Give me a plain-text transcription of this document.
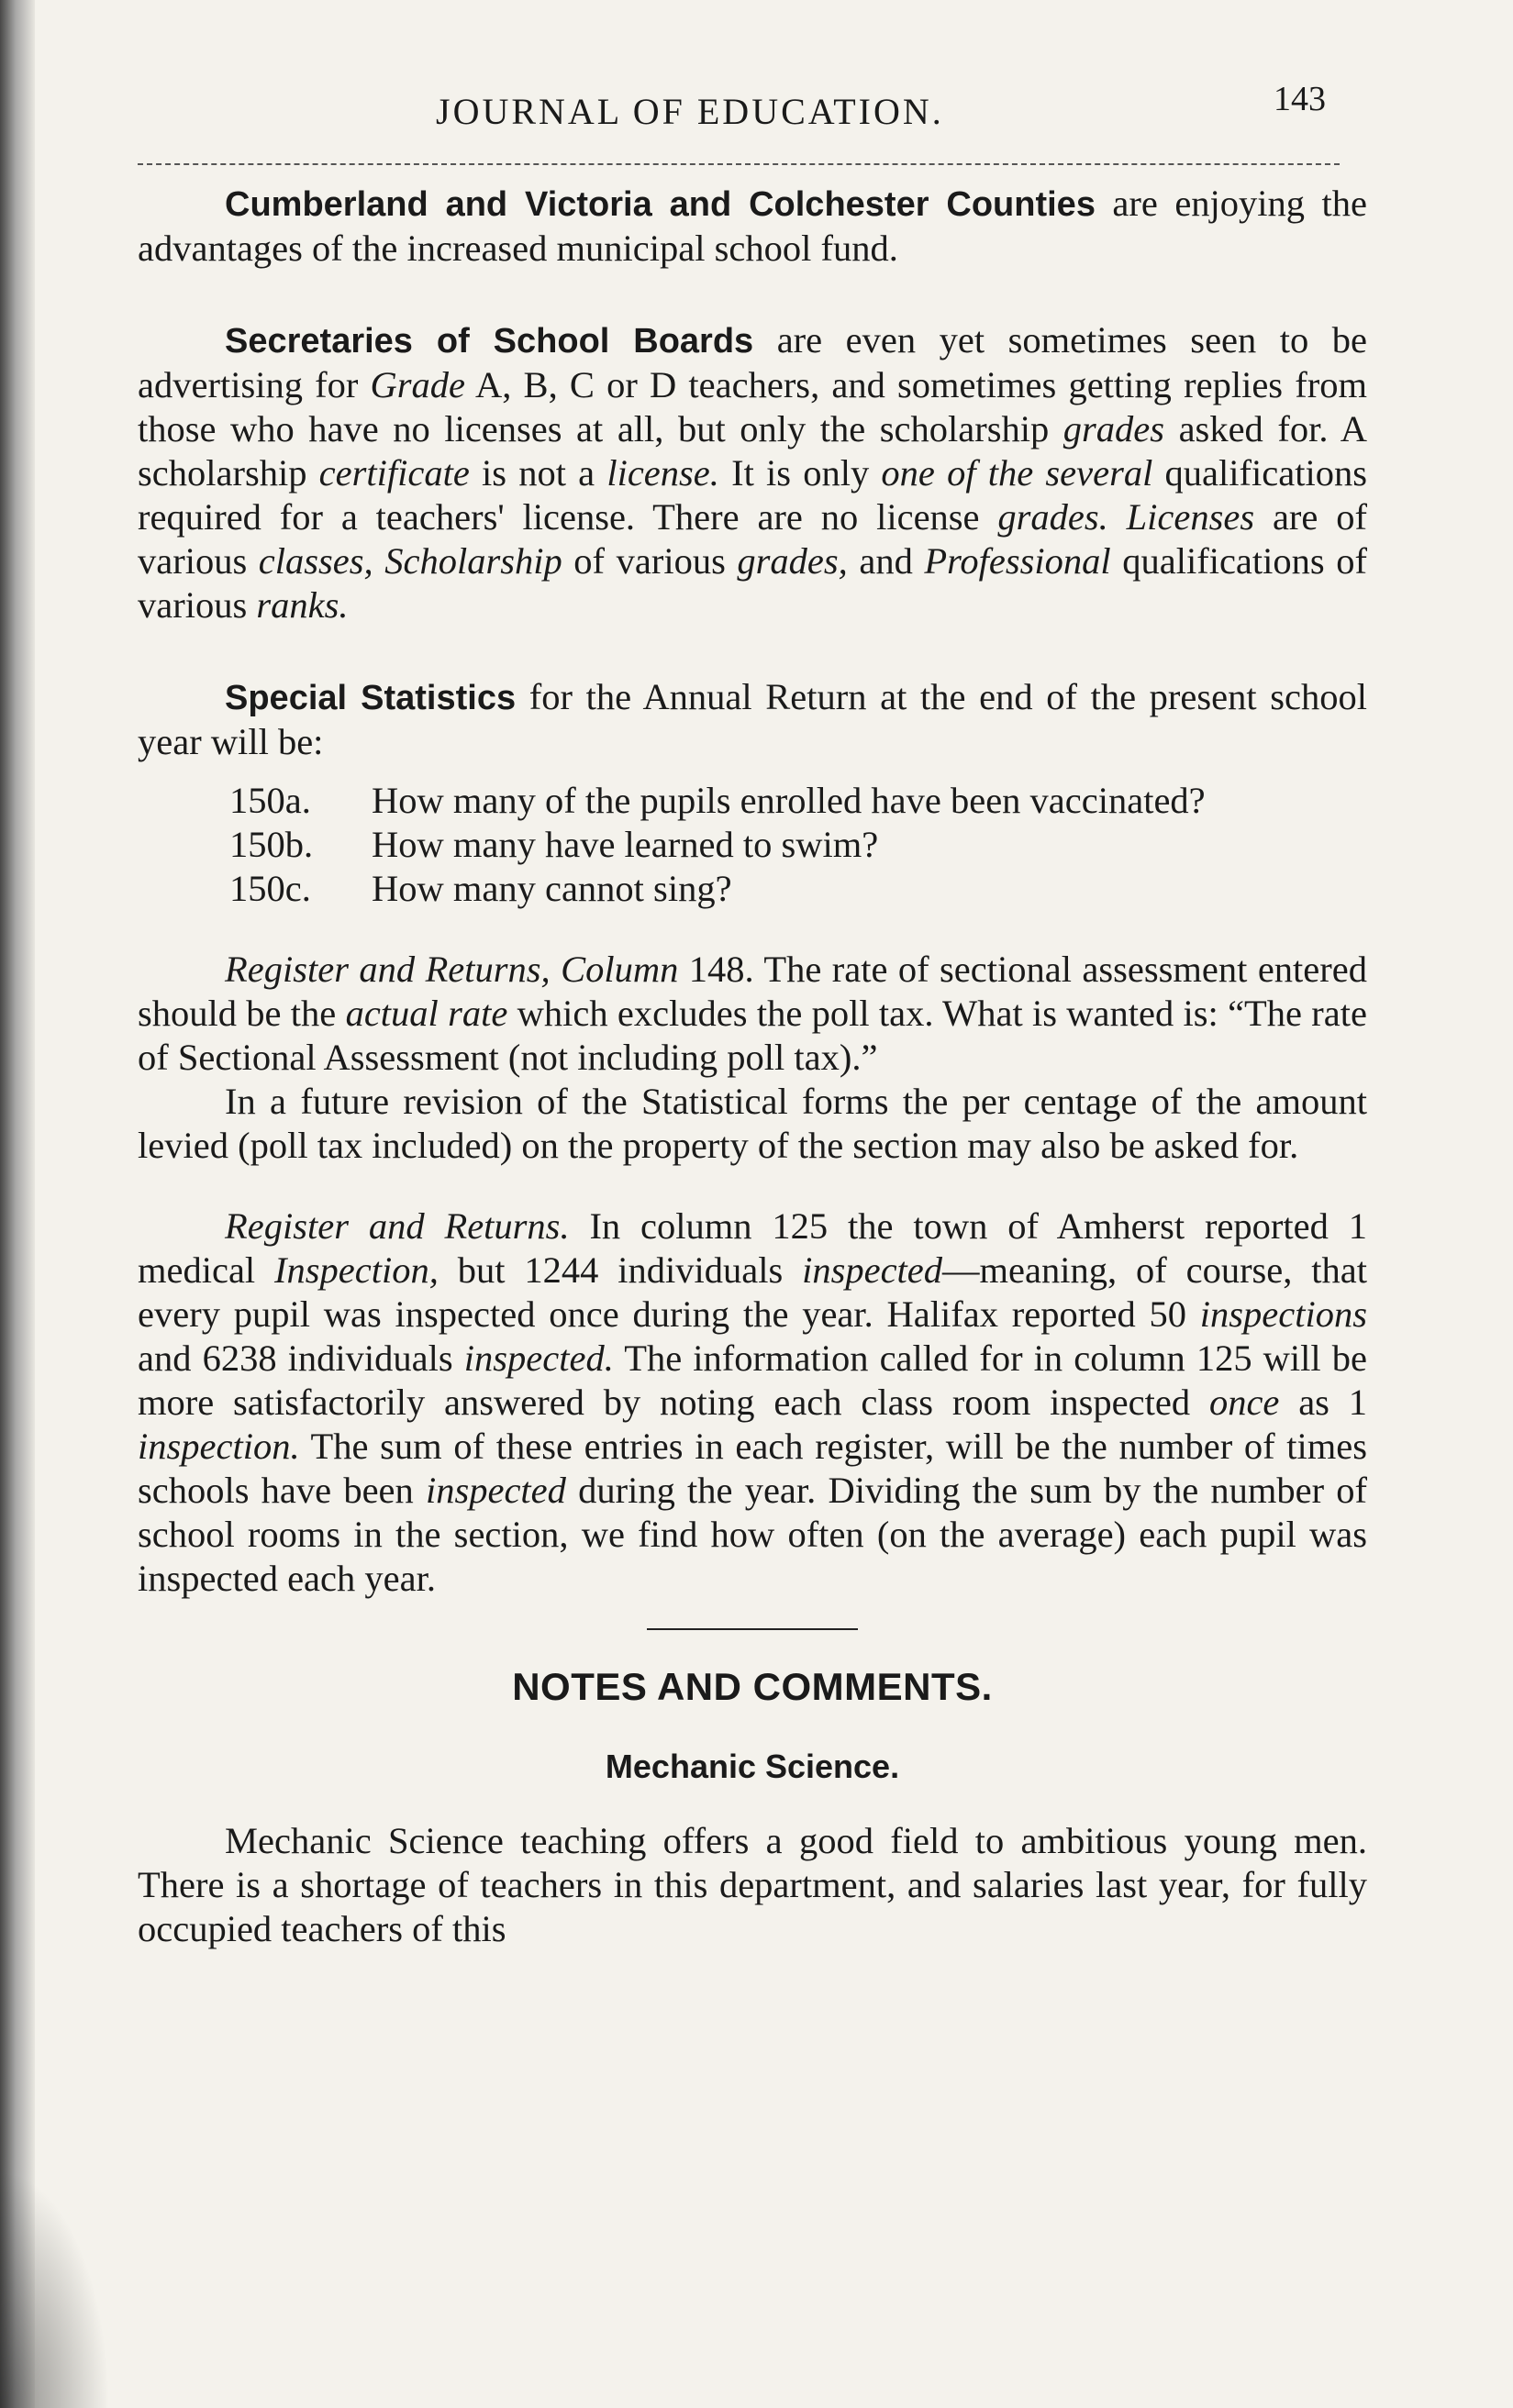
JOURNAL OF EDUCATION.	143

Cumberland and Victoria and Colchester Counties are enjoying the advantages of the increased municipal school fund.

Secretaries of School Boards are even yet sometimes seen to be advertising for Grade A, B, C or D teachers, and sometimes getting replies from those who have no licenses at all, but only the scholarship grades asked for. A scholarship certificate is not a license. It is only one of the several qualifications required for a teachers' license. There are no license grades. Licenses are of various classes, Scholarship of various grades, and Professional qualifications of various ranks.

Special Statistics for the Annual Return at the end of the present school year will be:

150a. How many of the pupils enrolled have been vaccinated?
150b.	How many have learned to swim?
150c.	How many cannot sing?

Register and Returns, Column 148. The rate of sectional assessment entered should be the actual rate which excludes the poll tax. What is wanted is: “The rate of Sectional Assessment (not including poll tax).”

In a future revision of the Statistical forms the per centage of the amount levied (poll tax included) on the property of the section may also be asked for.

Register and Returns. In column 125 the town of Amherst reported 1 medical Inspection, but 1244 individuals inspected—meaning, of course, that every pupil was inspected once during the year. Halifax reported 50 inspections and 6238 individuals inspected. The information called for in column 125 will be more satisfactorily answered by noting each class room inspected once as 1 inspection. The sum of these entries in each register, will be the number of times schools have been inspected during the year. Dividing the sum by the number of school rooms in the section, we find how often (on the average) each pupil was inspected each year.

NOTES AND COMMENTS.
Mechanic Science.

Mechanic Science teaching offers a good field to ambitious young men. There is a shortage of teachers in this department, and salaries last year, for fully occupied teachers of this
